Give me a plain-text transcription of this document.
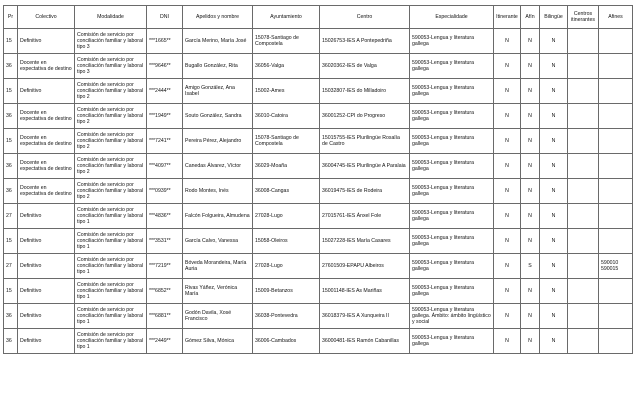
Pr	Colectivo	Modalidade	DNI	Apelidos y nombre	Ayuntamiento	Centro	Especialidade	Itinerante	Afín	Bilingüe	Centros itinerantes	Afines
15	Definitivo	Comisión de servicio por conciliación familiar y laboral tipo 3	***1665**	García Merino, María José	15078-Santiago de Compostela	15026753-IES A Pontepedriña	590053-Lengua y literatura gallega	N	N	N		
36	Docente en expectativa de destino	Comisión de servicio por conciliación familiar y laboral tipo 3	***9646**	Bugallo González, Rita	36056-Valga	36020362-IES de Valga	590053-Lengua y literatura gallega	N	N	N		
15	Definitivo	Comisión de servicio por conciliación familiar y laboral tipo 2	***2444**	Amigo González, Ana Isabel	15002-Ames	15032807-IES do Milladoiro	590053-Lengua y literatura gallega	N	N	N		
36	Docente en expectativa de destino	Comisión de servicio por conciliación familiar y laboral tipo 2	***1949**	Souto González, Sandra	36010-Catoira	36001252-CPI do Progreso	590053-Lengua y literatura gallega	N	N	N		
15	Docente en expectativa de destino	Comisión de servicio por conciliación familiar y laboral tipo 2	***7241**	Pereira Pérez, Alejandro	15078-Santiago de Compostela	15015755-IES Plurilingüe Rosalía de Castro	590053-Lengua y literatura gallega	N	N	N		
36	Docente en expectativa de destino	Comisión de servicio por conciliación familiar y laboral tipo 2	***4097**	Canedas Álvarez, Víctor	36029-Moaña	36004745-IES Plurilingüe A Paralaia	590053-Lengua y literatura gallega	N	N	N		
36	Docente en expectativa de destino	Comisión de servicio por conciliación familiar y laboral tipo 2	***0939**	Rodo Montes, Inés	36008-Cangas	36019475-IES de Rodeira	590053-Lengua y literatura gallega	N	N	N		
27	Definitivo	Comisión de servicio por conciliación familiar y laboral tipo 1	***4836**	Falcón Folgueira, Almudena	27028-Lugo	27015761-IES Ánxel Fole	590053-Lengua y literatura gallega	N	N	N		
15	Definitivo	Comisión de servicio por conciliación familiar y laboral tipo 1	***3531**	García Calvo, Vanessa	15058-Oleiros	15027228-IES María Casares	590053-Lengua y literatura gallega	N	N	N		
27	Definitivo	Comisión de servicio por conciliación familiar y laboral tipo 1	***7219**	Bóveda Morandeira, María Auria	27028-Lugo	27601509-EPAPU Albeiros	590053-Lengua y literatura gallega	N	S	N		590010 590015
15	Definitivo	Comisión de servicio por conciliación familiar y laboral tipo 1	***6852**	Rivas Yáñez, Verónica María	15009-Betanzos	15001148-IES As Mariñas	590053-Lengua y literatura gallega	N	N	N		
36	Definitivo	Comisión de servicio por conciliación familiar y laboral tipo 1	***6881**	Godón Davila, Xosé Francisco	36038-Pontevedra	36018379-IES A Xunqueira II	590053-Lengua y literatura gallega. Ámbito: ámbito lingüístico y social	N	N	N		
36	Definitivo	Comisión de servicio por conciliación familiar y laboral tipo 1	***2449**	Gómez Silva, Mónica	36006-Cambados	36000481-IES Ramón Cabanillas	590053-Lengua y literatura gallega	N	N	N		
